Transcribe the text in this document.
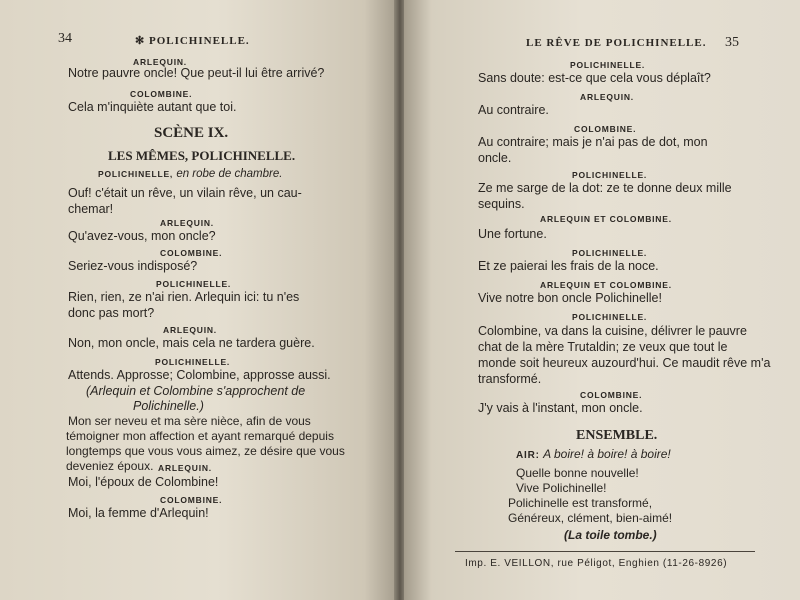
34	✻ POLICHINELLE.
ARLEQUIN.
Notre pauvre oncle! Que peut-il lui être arrivé?
COLOMBINE.
Cela m'inquiète autant que toi.
SCÈNE IX.
LES MÊMES, POLICHINELLE.
POLICHINELLE, en robe de chambre.
Ouf! c'était un rêve, un vilain rêve, un cau-
chemar!
ARLEQUIN.
Qu'avez-vous, mon oncle?
COLOMBINE.
Seriez-vous indisposé?
POLICHINELLE.
Rien, rien, ze n'ai rien. Arlequin ici: tu n'es
donc pas mort?
ARLEQUIN.
Non, mon oncle, mais cela ne tardera guère.
POLICHINELLE.
Attends. Approsse; Colombine, approsse aussi.
(Arlequin et Colombine s'approchent de
Polichinelle.)
Mon ser neveu et ma sère nièce, afin de vous
témoigner mon affection et ayant remarqué depuis
longtemps que vous vous aimez, ze désire que vous
deveniez époux. ARLEQUIN.
Moi, l'époux de Colombine!
COLOMBINE.
Moi, la femme d'Arlequin!
LE RÊVE DE POLICHINELLE. 35
POLICHINELLE.
Sans doute: est-ce que cela vous déplaît?
ARLEQUIN.
Au contraire.
COLOMBINE.
Au contraire; mais je n'ai pas de dot, mon
oncle.
POLICHINELLE.
Ze me sarge de la dot: ze te donne deux mille
sequins.
ARLEQUIN ET COLOMBINE.
Une fortune.
POLICHINELLE.
Et ze paierai les frais de la noce.
ARLEQUIN ET COLOMBINE.
Vive notre bon oncle Polichinelle!
POLICHINELLE.
Colombine, va dans la cuisine, délivrer le pauvre
chat de la mère Trutaldin; ze veux que tout le
monde soit heureux auzourd'hui. Ce maudit rêve m'a
transformé.
COLOMBINE.
J'y vais à l'instant, mon oncle.
ENSEMBLE.
AIR: A boire! à boire! à boire!
Quelle bonne nouvelle!
Vive Polichinelle!
Polichinelle est transformé,
Généreux, clément, bien-aimé!
(La toile tombe.)
Imp. E. VEILLON, rue Péligot, Enghien (11-26-8926)
